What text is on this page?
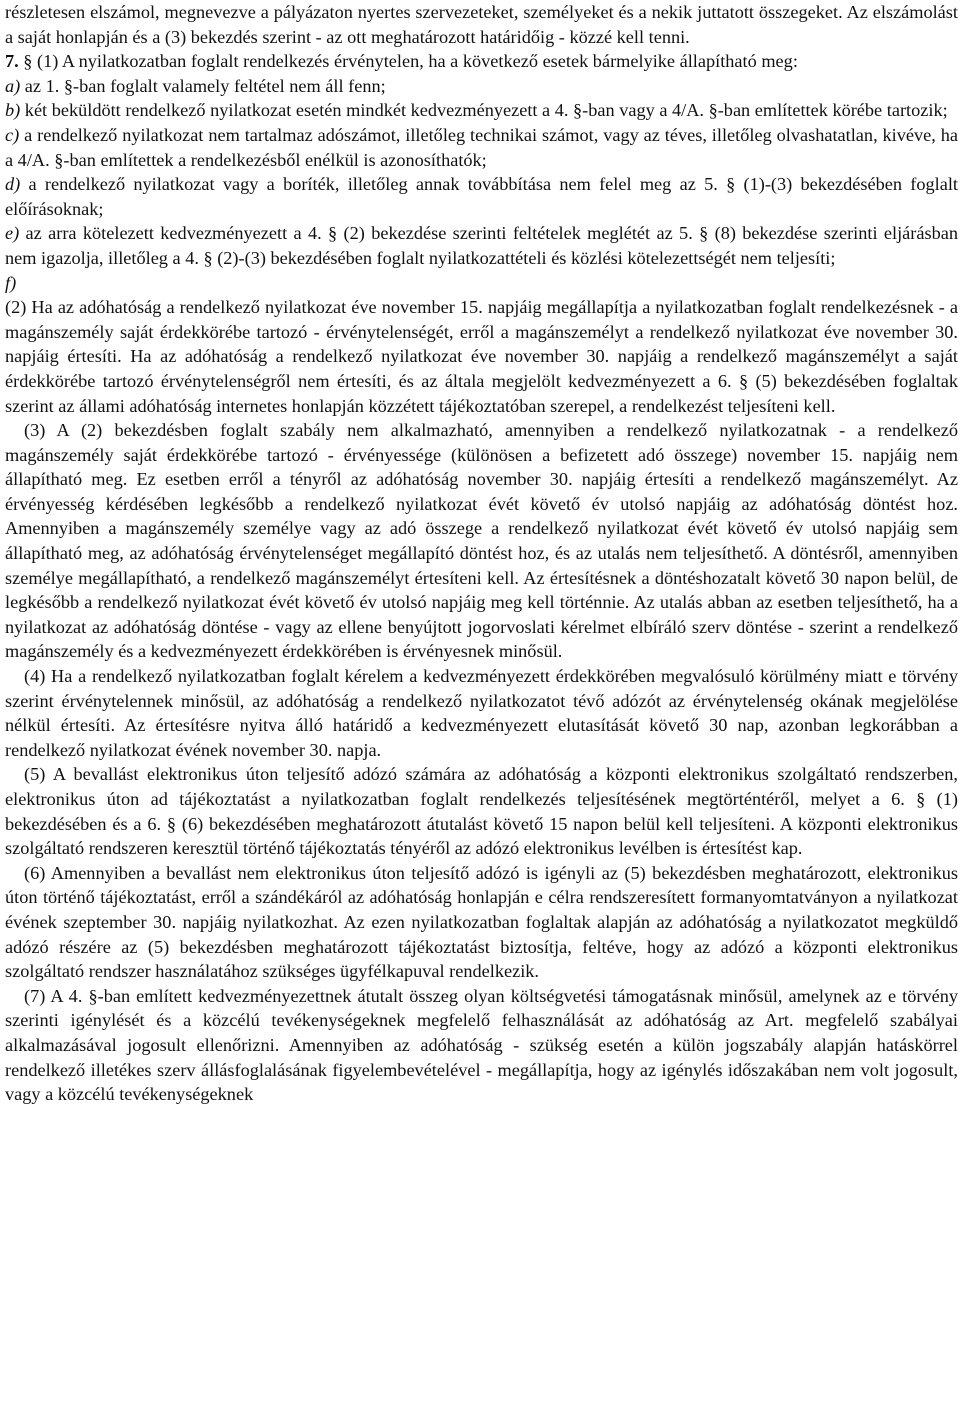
részletesen elszámol, megnevezve a pályázaton nyertes szervezeteket, személyeket és a nekik juttatott összegeket. Az elszámolást a saját honlapján és a (3) bekezdés szerint - az ott meghatározott határidőig - közzé kell tenni.

7. § (1) A nyilatkozatban foglalt rendelkezés érvénytelen, ha a következő esetek bármelyike állapítható meg:

a) az 1. §-ban foglalt valamely feltétel nem áll fenn;

b) két beküldött rendelkező nyilatkozat esetén mindkét kedvezményezett a 4. §-ban vagy a 4/A. §-ban említettek körébe tartozik;

c) a rendelkező nyilatkozat nem tartalmaz adószámot, illetőleg technikai számot, vagy az téves, illetőleg olvashatatlan, kivéve, ha a 4/A. §-ban említettek a rendelkezésből enélkül is azonosíthatók;

d) a rendelkező nyilatkozat vagy a boríték, illetőleg annak továbbítása nem felel meg az 5. § (1)-(3) bekezdésében foglalt előírásoknak;

e) az arra kötelezett kedvezményezett a 4. § (2) bekezdése szerinti feltételek meglétét az 5. § (8) bekezdése szerinti eljárásban nem igazolja, illetőleg a 4. § (2)-(3) bekezdésében foglalt nyilatkozattételi és közlési kötelezettségét nem teljesíti;

f)

(2) Ha az adóhatóság a rendelkező nyilatkozat éve november 15. napjáig megállapítja a nyilatkozatban foglalt rendelkezésnek - a magánszemély saját érdekkörébe tartozó - érvénytelenségét, erről a magánszemélyt a rendelkező nyilatkozat éve november 30. napjáig értesíti. Ha az adóhatóság a rendelkező nyilatkozat éve november 30. napjáig a rendelkező magánszemélyt a saját érdekkörébe tartozó érvénytelenségről nem értesíti, és az általa megjelölt kedvezményezett a 6. § (5) bekezdésében foglaltak szerint az állami adóhatóság internetes honlapján közzétett tájékoztatóban szerepel, a rendelkezést teljesíteni kell.

(3) A (2) bekezdésben foglalt szabály nem alkalmazható, amennyiben a rendelkező nyilatkozatnak - a rendelkező magánszemély saját érdekkörébe tartozó - érvényessége (különösen a befizetett adó összege) november 15. napjáig nem állapítható meg. Ez esetben erről a tényről az adóhatóság november 30. napjáig értesíti a rendelkező magánszemélyt. Az érvényesség kérdésében legkésőbb a rendelkező nyilatkozat évét követő év utolsó napjáig az adóhatóság döntést hoz. Amennyiben a magánszemély személye vagy az adó összege a rendelkező nyilatkozat évét követő év utolsó napjáig sem állapítható meg, az adóhatóság érvénytelenséget megállapító döntést hoz, és az utalás nem teljesíthető. A döntésről, amennyiben személye megállapítható, a rendelkező magánszemélyt értesíteni kell. Az értesítésnek a döntéshozatalt követő 30 napon belül, de legkésőbb a rendelkező nyilatkozat évét követő év utolsó napjáig meg kell történnie. Az utalás abban az esetben teljesíthető, ha a nyilatkozat az adóhatóság döntése - vagy az ellene benyújtott jogorvoslati kérelmet elbíráló szerv döntése - szerint a rendelkező magánszemély és a kedvezményezett érdekkörében is érvényesnek minősül.

(4) Ha a rendelkező nyilatkozatban foglalt kérelem a kedvezményezett érdekkörében megvalósuló körülmény miatt e törvény szerint érvénytelennek minősül, az adóhatóság a rendelkező nyilatkozatot tévő adózót az érvénytelenség okának megjelölése nélkül értesíti. Az értesítésre nyitva álló határidő a kedvezményezett elutasítását követő 30 nap, azonban legkorábban a rendelkező nyilatkozat évének november 30. napja.

(5) A bevallást elektronikus úton teljesítő adózó számára az adóhatóság a központi elektronikus szolgáltató rendszerben, elektronikus úton ad tájékoztatást a nyilatkozatban foglalt rendelkezés teljesítésének megtörténtéről, melyet a 6. § (1) bekezdésében és a 6. § (6) bekezdésében meghatározott átutalást követő 15 napon belül kell teljesíteni. A központi elektronikus szolgáltató rendszeren keresztül történő tájékoztatás tényéről az adózó elektronikus levélben is értesítést kap.

(6) Amennyiben a bevallást nem elektronikus úton teljesítő adózó is igényli az (5) bekezdésben meghatározott, elektronikus úton történő tájékoztatást, erről a szándékáról az adóhatóság honlapján e célra rendszeresített formanyomtatványon a nyilatkozat évének szeptember 30. napjáig nyilatkozhat. Az ezen nyilatkozatban foglaltak alapján az adóhatóság a nyilatkozatot megküldő adózó részére az (5) bekezdésben meghatározott tájékoztatást biztosítja, feltéve, hogy az adózó a központi elektronikus szolgáltató rendszer használatához szükséges ügyfélkapuval rendelkezik.

(7) A 4. §-ban említett kedvezményezettnek átutalt összeg olyan költségvetési támogatásnak minősül, amelynek az e törvény szerinti igénylését és a közcélú tevékenységeknek megfelelő felhasználását az adóhatóság az Art. megfelelő szabályai alkalmazásával jogosult ellenőrizni. Amennyiben az adóhatóság - szükség esetén a külön jogszabály alapján hatáskörrel rendelkező illetékes szerv állásfoglalásának figyelembevételével - megállapítja, hogy az igénylés időszakában nem volt jogosult, vagy a közcélú tevékenységeknek
